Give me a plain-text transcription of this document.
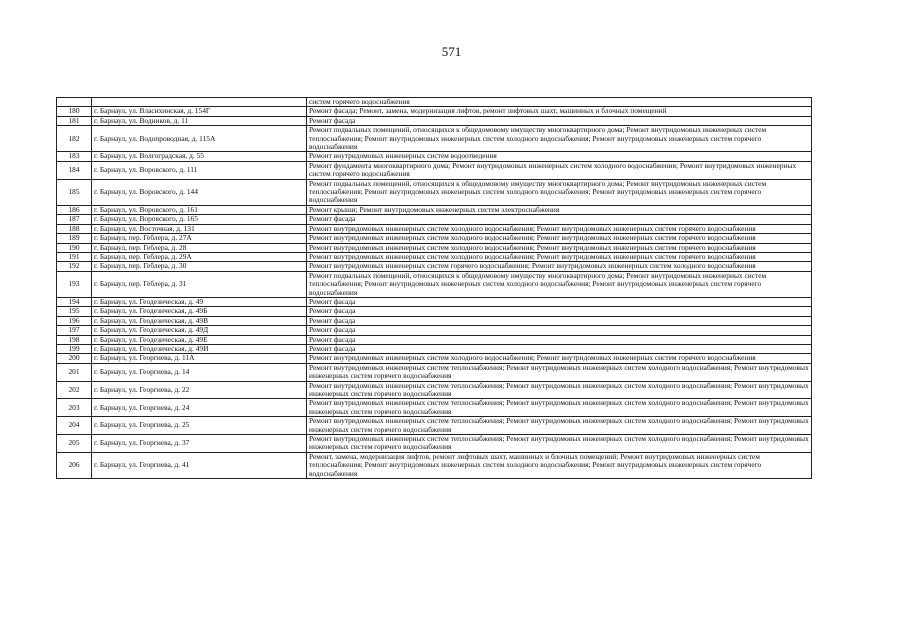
571
		систем горячего водоснабжения
180	г. Барнаул, ул. Власихинская, д. 154Г	Ремонт фасада; Ремонт, замена, модернизация лифтов, ремонт лифтовых шахт, машинных и блочных помещений
181	г. Барнаул, ул. Водников, д. 11	Ремонт фасада
182	г. Барнаул, ул. Водопроводная, д. 115А	Ремонт подвальных помещений, относящихся к общедомовому имуществу многоквартирного дома; Ремонт внутридомовых инженерных систем теплоснабжения; Ремонт внутридомовых инженерных систем холодного водоснабжения; Ремонт внутридомовых инженерных систем горячего водоснабжения
183	г. Барнаул, ул. Волгоградская, д. 55	Ремонт внутридомовых инженерных систем водоотведения
184	г. Барнаул, ул. Воровского, д. 111	Ремонт фундамента многоквартирного дома; Ремонт внутридомовых инженерных систем холодного водоснабжения; Ремонт внутридомовых инженерных систем горячего водоснабжения
185	г. Барнаул, ул. Воровского, д. 144	Ремонт подвальных помещений, относящихся к общедомовому имуществу многоквартирного дома; Ремонт внутридомовых инженерных систем теплоснабжения; Ремонт внутридомовых инженерных систем холодного водоснабжения; Ремонт внутридомовых инженерных систем горячего водоснабжения
186	г. Барнаул, ул. Воровского, д. 161	Ремонт крыши; Ремонт внутридомовых инженерных систем электроснабжения
187	г. Барнаул, ул. Воровского, д. 165	Ремонт фасада
188	г. Барнаул, ул. Восточная, д. 131	Ремонт внутридомовых инженерных систем холодного водоснабжения; Ремонт внутридомовых инженерных систем горячего водоснабжения
189	г. Барнаул, пер. Геблера, д. 27А	Ремонт внутридомовых инженерных систем холодного водоснабжения; Ремонт внутридомовых инженерных систем горячего водоснабжения
190	г. Барнаул, пер. Геблера, д. 28	Ремонт внутридомовых инженерных систем холодного водоснабжения; Ремонт внутридомовых инженерных систем горячего водоснабжения
191	г. Барнаул, пер. Геблера, д. 29А	Ремонт внутридомовых инженерных систем холодного водоснабжения; Ремонт внутридомовых инженерных систем горячего водоснабжения
192	г. Барнаул, пер. Геблера, д. 30	Ремонт внутридомовых инженерных систем горячего водоснабжения; Ремонт внутридомовых инженерных систем холодного водоснабжения
193	г. Барнаул, пер. Геблера, д. 31	Ремонт подвальных помещений, относящихся к общедомовому имуществу многоквартирного дома; Ремонт внутридомовых инженерных систем теплоснабжения; Ремонт внутридомовых инженерных систем холодного водоснабжения; Ремонт внутридомовых инженерных систем горячего водоснабжения
194	г. Барнаул, ул. Геодезическая, д. 49	Ремонт фасада
195	г. Барнаул, ул. Геодезическая, д. 49Б	Ремонт фасада
196	г. Барнаул, ул. Геодезическая, д. 49В	Ремонт фасада
197	г. Барнаул, ул. Геодезическая, д. 49Д	Ремонт фасада
198	г. Барнаул, ул. Геодезическая, д. 49Е	Ремонт фасада
199	г. Барнаул, ул. Геодезическая, д. 49И	Ремонт фасада
200	г. Барнаул, ул. Георгиева, д. 11А	Ремонт внутридомовых инженерных систем холодного водоснабжения; Ремонт внутридомовых инженерных систем горячего водоснабжения
201	г. Барнаул, ул. Георгиева, д. 14	Ремонт внутридомовых инженерных систем теплоснабжения; Ремонт внутридомовых инженерных систем холодного водоснабжения; Ремонт внутридомовых инженерных систем горячего водоснабжения
202	г. Барнаул, ул. Георгиева, д. 22	Ремонт внутридомовых инженерных систем теплоснабжения; Ремонт внутридомовых инженерных систем холодного водоснабжения; Ремонт внутридомовых инженерных систем горячего водоснабжения
203	г. Барнаул, ул. Георгиева, д. 24	Ремонт внутридомовых инженерных систем теплоснабжения; Ремонт внутридомовых инженерных систем холодного водоснабжения; Ремонт внутридомовых инженерных систем горячего водоснабжения
204	г. Барнаул, ул. Георгиева, д. 25	Ремонт внутридомовых инженерных систем теплоснабжения; Ремонт внутридомовых инженерных систем холодного водоснабжения; Ремонт внутридомовых инженерных систем горячего водоснабжения
205	г. Барнаул, ул. Георгиева, д. 37	Ремонт внутридомовых инженерных систем теплоснабжения; Ремонт внутридомовых инженерных систем холодного водоснабжения; Ремонт внутридомовых инженерных систем горячего водоснабжения
206	г. Барнаул, ул. Георгиева, д. 41	Ремонт, замена, модернизация лифтов, ремонт лифтовых шахт, машинных и блочных помещений; Ремонт внутридомовых инженерных систем теплоснабжения; Ремонт внутридомовых инженерных систем холодного водоснабжения; Ремонт внутридомовых инженерных систем горячего водоснабжения
